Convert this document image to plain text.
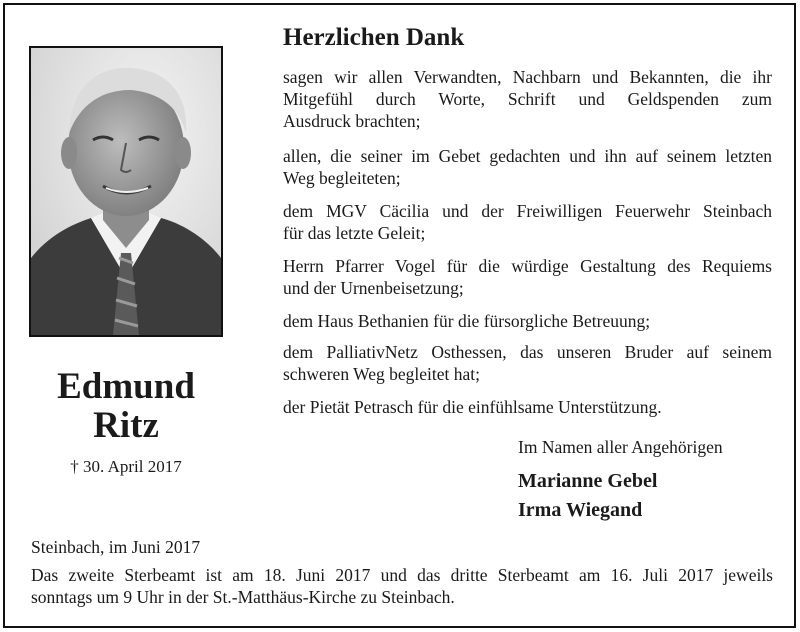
Edmund
Ritz
† 30. April 2017
Herzlichen Dank
sagen wir allen Verwandten, Nachbarn und Bekannten, die ihr
Mitgefühl durch Worte, Schrift und Geldspenden zum
Ausdruck brachten;
allen, die seiner im Gebet gedachten und ihn auf seinem letzten
Weg begleiteten;
dem MGV Cäcilia und der Freiwilligen Feuerwehr Steinbach
für das letzte Geleit;
Herrn Pfarrer Vogel für die würdige Gestaltung des Requiems
und der Urnenbeisetzung;
dem Haus Bethanien für die fürsorgliche Betreuung;
dem PalliativNetz Osthessen, das unseren Bruder auf seinem
schweren Weg begleitet hat;
der Pietät Petrasch für die einfühlsame Unterstützung.
Im Namen aller Angehörigen
Marianne Gebel
Irma Wiegand
Steinbach, im Juni 2017
Das zweite Sterbeamt ist am 18. Juni 2017 und das dritte Sterbeamt am 16. Juli 2017 jeweils
sonntags um 9 Uhr in der St.-Matthäus-Kirche zu Steinbach.
